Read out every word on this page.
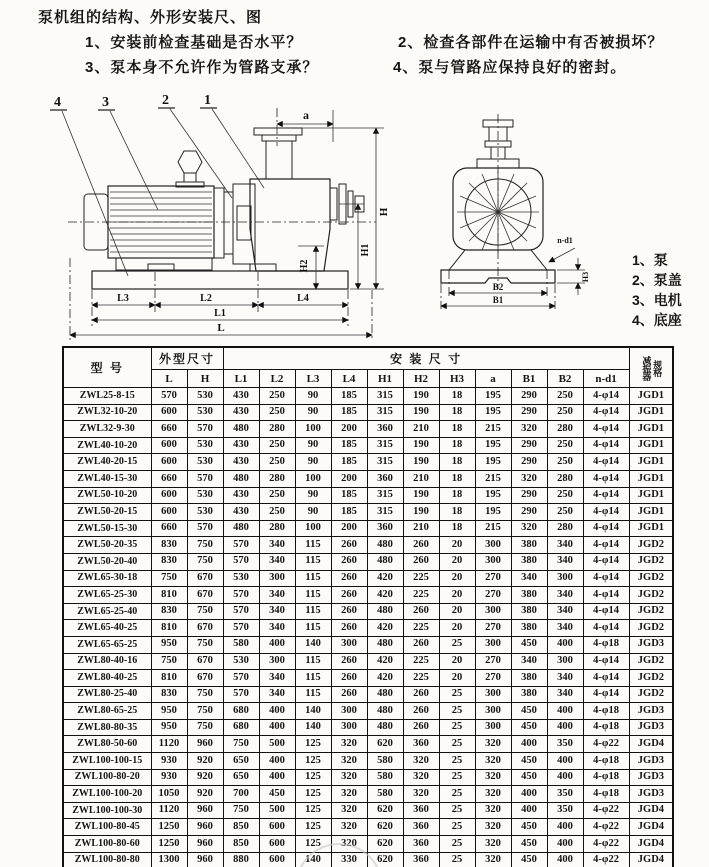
泵机组的结构、外形安装尺、图
1、安装前检查基础是否水平？	2、检查各部件在运输中有否被损坏？
3、泵本身不允许作为管路支承？	4、泵与管路应保持良好的密封。
4	3	2	1
a
H
H1
H2
L3	L2	L4
L1
L
B2
B1
n-d1
H3
1、泵
2、泵盖
3、电机
4、底座
型 号	外型尺寸		安 装 尺 寸											减振器 规格

	L	H	L1	L2	L3	L4	H1	H2	H3	a	B1	B2	n-d1	
ZWL25-8-15	570	530	430	250	90	185	315	190	18	195	290	250	4-φ14	JGD1
ZWL32-10-20	600	530	430	250	90	185	315	190	18	195	290	250	4-φ14	JGD1
ZWL32-9-30	660	570	480	280	100	200	360	210	18	215	320	280	4-φ14	JGD1
ZWL40-10-20	600	530	430	250	90	185	315	190	18	195	290	250	4-φ14	JGD1
ZWL40-20-15	600	530	430	250	90	185	315	190	18	195	290	250	4-φ14	JGD1
ZWL40-15-30	660	570	480	280	100	200	360	210	18	215	320	280	4-φ14	JGD1
ZWL50-10-20	600	530	430	250	90	185	315	190	18	195	290	250	4-φ14	JGD1
ZWL50-20-15	600	530	430	250	90	185	315	190	18	195	290	250	4-φ14	JGD1
ZWL50-15-30	660	570	480	280	100	200	360	210	18	215	320	280	4-φ14	JGD1
ZWL50-20-35	830	750	570	340	115	260	480	260	20	300	380	340	4-φ14	JGD2
ZWL50-20-40	830	750	570	340	115	260	480	260	20	300	380	340	4-φ14	JGD2
ZWL65-30-18	750	670	530	300	115	260	420	225	20	270	340	300	4-φ14	JGD2
ZWL65-25-30	810	670	570	340	115	260	420	225	20	270	380	340	4-φ14	JGD2
ZWL65-25-40	830	750	570	340	115	260	480	260	20	300	380	340	4-φ14	JGD2
ZWL65-40-25	810	670	570	340	115	260	420	225	20	270	380	340	4-φ14	JGD2
ZWL65-65-25	950	750	580	400	140	300	480	260	25	300	450	400	4-φ18	JGD3
ZWL80-40-16	750	670	530	300	115	260	420	225	20	270	340	300	4-φ14	JGD2
ZWL80-40-25	810	670	570	340	115	260	420	225	20	270	380	340	4-φ14	JGD2
ZWL80-25-40	830	750	570	340	115	260	480	260	25	300	380	340	4-φ14	JGD2
ZWL80-65-25	950	750	680	400	140	300	480	260	25	300	450	400	4-φ18	JGD3
ZWL80-80-35	950	750	680	400	140	300	480	260	25	300	450	400	4-φ18	JGD3
ZWL80-50-60	1120	960	750	500	125	320	620	360	25	320	400	350	4-φ22	JGD4
ZWL100-100-15	930	920	650	400	125	320	580	320	25	320	450	400	4-φ18	JGD3
ZWL100-80-20	930	920	650	400	125	320	580	320	25	320	450	400	4-φ18	JGD3
ZWL100-100-20	1050	920	700	450	125	320	580	320	25	320	400	350	4-φ18	JGD3
ZWL100-100-30	1120	960	750	500	125	320	620	360	25	320	400	350	4-φ22	JGD4
ZWL100-80-45	1250	960	850	600	125	320	620	360	25	320	450	400	4-φ22	JGD4
ZWL100-80-60	1250	960	850	600	125	320	620	360	25	320	450	400	4-φ22	JGD4
ZWL100-80-80	1300	960	880	600	140	330	620	360	25	320	450	400	4-φ22	JGD4
